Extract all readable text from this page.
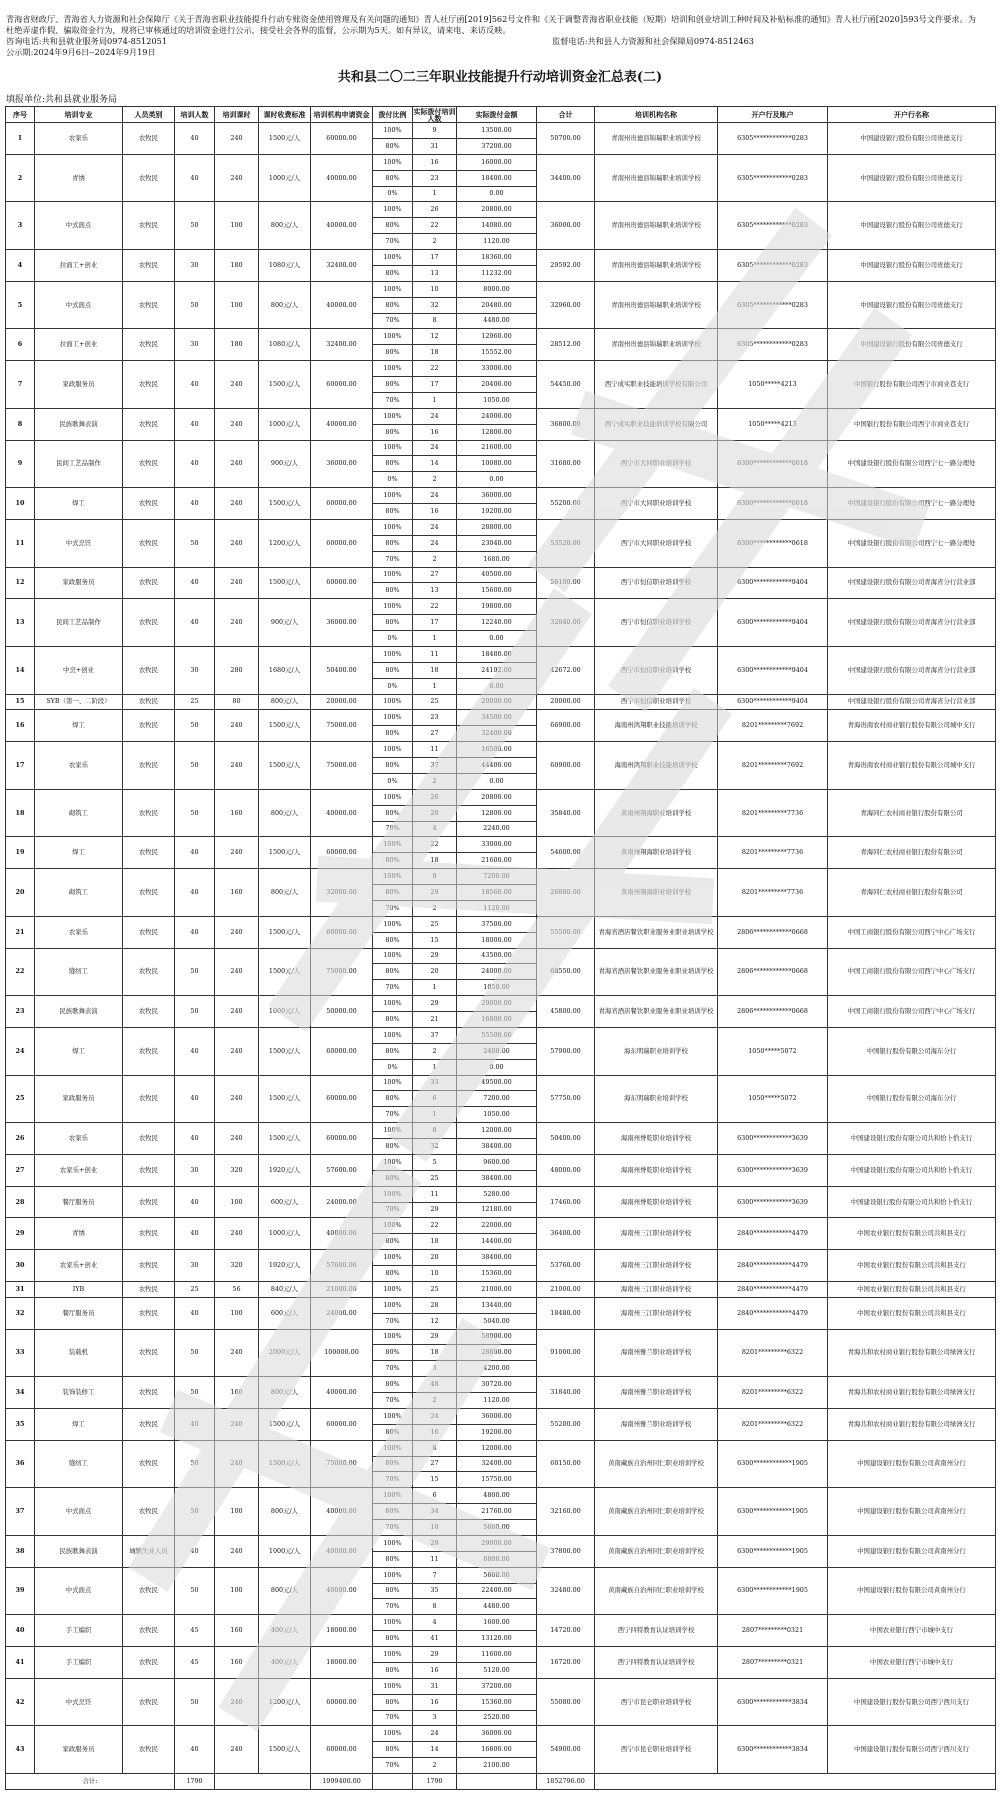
青海省财政厅、青海省人力资源和社会保障厅《关于青海省职业技能提升行动专账资金使用管理及有关问题的通知》青人社厅函[2019]562号文件和《关于调整青海省职业技能（短期）培训和创业培训工种时间及补贴标准的通知》青人社厅函[2020]593号文件要求。为
杜绝弄虚作假、骗取资金行为，现将已审核通过的培训资金进行公示，接受社会各界的监督，公示期为5天。如有异议，请来电、来访反映。
咨询电话:共和县就业服务局0974-8512051	监督电话:共和县人力资源和社会保障局0974-8512463
公示期:2024年9月6日--2024年9月19日
共和县二〇二三年职业技能提升行动培训资金汇总表(二)
填报单位:共和县就业服务局
序号	培训专业	人员类别	培训人数	培训课时	课时收费标准	培训机构申请资金	拨付比例	实际拨付培训人数	实际拨付金额	合计	培训机构名称	开户行及账户	开户行名称
1	农家乐	农牧民	40	240	1500元/人	60000.00	100%	9	13500.00	50700.00	青南州贵德县锦瑞职业培训学校	6305************0283	中国建设银行股份有限公司贵德支行
							80%	31	37200.00				
2	青绣	农牧民	40	240	1000元/人	40000.00	100%	16	16000.00	34400.00	青南州贵德县锦瑞职业培训学校	6305************0283	中国建设银行股份有限公司贵德支行
							80%	23	18400.00				
							0%	1	0.00				
3	中式面点	农牧民	50	100	800元/人	40000.00	100%	26	20800.00	36000.00	青南州贵德县锦瑞职业培训学校	6305************0283	中国建设银行股份有限公司贵德支行
							80%	22	14080.00				
							70%	2	1120.00				
4	拉面工+创业	农牧民	30	180	1080元/人	32400.00	100%	17	18360.00	29592.00	青南州贵德县锦瑞职业培训学校	6305************0283	中国建设银行股份有限公司贵德支行
							80%	13	11232.00				
5	中式面点	农牧民	50	100	800元/人	40000.00	100%	10	8000.00	32960.00	青南州贵德县锦瑞职业培训学校	6305************0283	中国建设银行股份有限公司贵德支行
							80%	32	20480.00				
							70%	8	4480.00				
6	拉面工+创业	农牧民	30	180	1080元/人	32400.00	100%	12	12960.00	28512.00	青南州贵德县锦瑞职业培训学校	6305************0283	中国建设银行股份有限公司贵德支行
							80%	18	15552.00				
7	家政服务员	农牧民	40	240	1500元/人	60000.00	100%	22	33000.00	54450.00	西宁成实职业技能培训学校有限公司	1050*****4213	中国银行股份有限公司西宁市商业巷支行
							80%	17	20400.00				
							70%	1	1050.00				
8	民族歌舞表演	农牧民	40	240	1000元/人	40000.00	100%	24	24000.00	36800.00	西宁成实职业技能培训学校有限公司	1050*****4213	中国银行股份有限公司西宁市商业巷支行
							80%	16	12800.00				
9	民间工艺品制作	农牧民	40	240	900元/人	36000.00	100%	24	21600.00	31680.00	西宁市大同职业培训学校	6300************0618	中国建设银行股份有限公司西宁七一路分理处
							80%	14	10080.00				
							0%	2	0.00				
10	焊工	农牧民	40	240	1500元/人	60000.00	100%	24	36000.00	55200.00	西宁市大同职业培训学校	6300************0618	中国建设银行股份有限公司西宁七一路分理处
							80%	16	19200.00				
11	中式烹饪	农牧民	50	240	1200元/人	60000.00	100%	24	28800.00	53520.00	西宁市大同职业培训学校	6300************0618	中国建设银行股份有限公司西宁七一路分理处
							80%	24	23040.00				
							70%	2	1680.00				
12	家政服务员	农牧民	40	240	1500元/人	60000.00	100%	27	40500.00	56100.00	西宁市恒信职业培训学校	6300************9404	中国建设银行股份有限公司青海省分行营业部
							80%	13	15600.00				
13	民间工艺品制作	农牧民	40	240	900元/人	36000.00	100%	22	19800.00	32040.00	西宁市恒信职业培训学校	6300************9404	中国建设银行股份有限公司青海省分行营业部
							80%	17	12240.00				
							0%	1	0.00				
14	中烹+创业	农牧民	30	280	1680元/人	50400.00	100%	11	18480.00	42672.00	西宁市恒信职业培训学校	6300************9404	中国建设银行股份有限公司青海省分行营业部
							80%	18	24192.00				
							0%	1	0.00				
15	SYB（第一、二阶段）	农牧民	25	80	800元/人	20000.00	100%	25	20000.00	20000.00	西宁市恒信职业培训学校	6300************9404	中国建设银行股份有限公司青海省分行营业部
16	焊工	农牧民	50	240	1500元/人	75000.00	100%	23	34500.00	66900.00	海南州鸿翔职业技能培训学校	8201*********7692	青海贵南农村商业银行股份有限公司城中支行
							80%	27	32400.00				
17	农家乐	农牧民	50	240	1500元/人	75000.00	100%	11	16500.00	60900.00	海南州鸿翔职业技能培训学校	8201*********7692	青海贵南农村商业银行股份有限公司城中支行
							80%	37	44400.00				
							0%	2	0.00				
18	砌筑工	农牧民	50	160	800元/人	40000.00	100%	26	20800.00	35840.00	黄南州翔海职业培训学校	8201*********7736	青海同仁农村商业银行股份有限公司
							80%	20	12800.00				
							70%	4	2240.00				
19	焊工	农牧民	40	240	1500元/人	60000.00	100%	22	33000.00	54600.00	黄南州翔海职业培训学校	8201*********7736	青海同仁农村商业银行股份有限公司
							80%	18	21600.00				
20	砌筑工	农牧民	40	160	800元/人	32000.00	100%	9	7200.00	26880.00	黄南州翔海职业培训学校	8201*********7736	青海同仁农村商业银行股份有限公司
							80%	29	18560.00				
							70%	2	1120.00				
21	农家乐	农牧民	40	240	1500元/人	60000.00	100%	25	37500.00	55500.00	青海省酒店餐饮职业服务业职业培训学校	2806************0668	中国工商银行股份有限公司西宁中心广场支行
							80%	15	18000.00				
22	缝纫工	农牧民	50	240	1500元/人	75000.00	100%	29	43500.00	68550.00	青海省酒店餐饮职业服务业职业培训学校	2806************0668	中国工商银行股份有限公司西宁中心广场支行
							80%	20	24000.00				
							70%	1	1050.00				
23	民族歌舞表演	农牧民	50	240	1000元/人	50000.00	100%	29	29000.00	45800.00	青海省酒店餐饮职业服务业职业培训学校	2806************0668	中国工商银行股份有限公司西宁中心广场支行
							80%	21	16800.00				
24	焊工	农牧民	40	240	1500元/人	60000.00	100%	37	55500.00	57900.00	海东明瑞职业培训学校	1050*****5072	中国银行股份有限公司海东分行
							80%	2	2400.00				
							0%	1	0.00				
25	家政服务员	农牧民	40	240	1500元/人	60000.00	100%	33	49500.00	57750.00	海东明瑞职业培训学校	1050*****5072	中国银行股份有限公司海东分行
							80%	6	7200.00				
							70%	1	1050.00				
26	农家乐	农牧民	40	240	1500元/人	60000.00	100%	8	12000.00	50400.00	海南州誉乾职业培训学校	6300************3639	中国建设银行股份有限公司共和恰卜恰支行
							80%	32	38400.00				
27	农家乐+创业	农牧民	30	320	1920元/人	57600.00	100%	5	9600.00	48000.00	海南州誉乾职业培训学校	6300************3639	中国建设银行股份有限公司共和恰卜恰支行
							80%	25	38400.00				
28	餐厅服务员	农牧民	40	100	600元/人	24000.00	100%	11	5280.00	17460.00	海南州誉乾职业培训学校	6300************3639	中国建设银行股份有限公司共和恰卜恰支行
							70%	29	12180.00				
29	青绣	农牧民	40	240	1000元/人	40000.00	100%	22	22000.00	36400.00	海南州三江职业培训学校	2840************4479	中国农业银行股份有限公司共和县支行
							80%	18	14400.00				
30	农家乐+创业	农牧民	30	320	1920元/人	57600.00	100%	20	38400.00	53760.00	海南州三江职业培训学校	2840************4479	中国农业银行股份有限公司共和县支行
							80%	10	15360.00				
31	IYB	农牧民	25	56	840元/人	21000.00	100%	25	21000.00	21000.00	海南州三江职业培训学校	2840************4479	中国农业银行股份有限公司共和县支行
32	餐厅服务员	农牧民	40	100	600元/人	24000.00	100%	28	13440.00	18480.00	海南州三江职业培训学校	2840************4479	中国农业银行股份有限公司共和县支行
							70%	12	5040.00				
33	装载机	农牧民	50	240	2000元/人	100000.00	100%	29	58000.00	91000.00	海南州雅兰职业培训学校	8201*********6322	青海共和农村商业银行股份有限公司绿洲支行
							80%	18	28800.00				
							70%	3	4200.00				
34	装饰装修工	农牧民	50	160	800元/人	40000.00	80%	48	30720.00	31840.00	海南州雅兰职业培训学校	8201*********6322	青海共和农村商业银行股份有限公司绿洲支行
							70%	2	1120.00				
35	焊工	农牧民	40	240	1500元/人	60000.00	100%	24	36000.00	55200.00	海南州雅兰职业培训学校	8201*********6322	青海共和农村商业银行股份有限公司绿洲支行
							80%	16	19200.00				
36	缝纫工	农牧民	50	240	1500元/人	75000.00	100%	8	12000.00	60150.00	黄南藏族自治州同仁职业培训学校	6300************1905	中国建设银行股份有限公司黄南州分行
							80%	27	32400.00				
							70%	15	15750.00				
37	中式面点	农牧民	50	100	800元/人	40000.00	100%	6	4800.00	32160.00	黄南藏族自治州同仁职业培训学校	6300************1905	中国建设银行股份有限公司黄南州分行
							80%	34	21760.00				
							70%	10	5600.00				
38	民族歌舞表演	城镇失业人员	40	240	1000元/人	40000.00	100%	29	29000.00	37800.00	黄南藏族自治州同仁职业培训学校	6300************1905	中国建设银行股份有限公司黄南州分行
							80%	11	8800.00				
39	中式面点	农牧民	50	100	800元/人	40000.00	100%	7	5600.00	32480.00	黄南藏族自治州同仁职业培训学校	6300************1905	中国建设银行股份有限公司黄南州分行
							80%	35	22400.00				
							70%	8	4480.00				
40	手工编织	农牧民	45	160	400元/人	18000.00	100%	4	1600.00	14720.00	西宁四特教育认证培训学校	2807*********0321	中国农业银行西宁市城中支行
							80%	41	13120.00				
41	手工编织	农牧民	45	160	400元/人	18000.00	100%	29	11600.00	16720.00	西宁四特教育认证培训学校	2807*********0321	中国农业银行西宁市城中支行
							80%	16	5120.00				
42	中式烹饪	农牧民	50	240	1200元/人	60000.00	100%	31	37200.00	55080.00	西宁市昆仑职业培训学校	6300************3834	中国建设银行股份有限公司西宁西川支行
							80%	16	15360.00				
							70%	3	2520.00				
43	家政服务员	农牧民	40	240	1500元/人	60000.00	100%	24	36000.00	54900.00	西宁市昆仑职业培训学校	6300************3834	中国建设银行股份有限公司西宁西川支行
							80%	14	16800.00				
							70%	2	2100.00				
合计:			1790			1999400.00		1790		1852796.00			
共和人社
